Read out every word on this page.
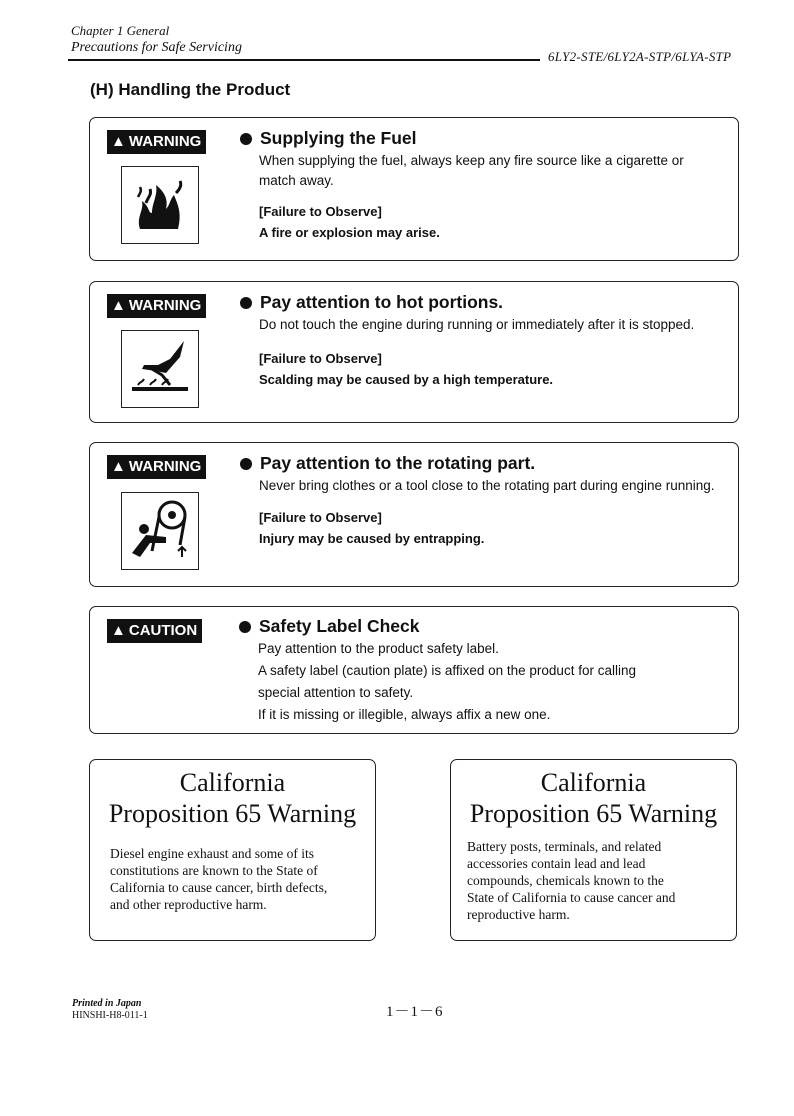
Chapter 1 General
Precautions for Safe Servicing
6LY2-STE/6LY2A-STP/6LYA-STP
(H) Handling the Product
▲ WARNING	Supplying the Fuel
When supplying the fuel, always keep any fire source like a cigarette or match away.
[Failure to Observe]
A fire or explosion may arise.
▲ WARNING	Pay attention to hot portions.
Do not touch the engine during running or immediately after it is stopped.
[Failure to Observe]
Scalding may be caused by a high temperature.
▲ WARNING	Pay attention to the rotating part.
Never bring clothes or a tool close to the rotating part during engine running.
[Failure to Observe]
Injury may be caused by entrapping.
▲ CAUTION	Safety Label Check
Pay attention to the product safety label.
A safety label (caution plate) is affixed on the product for calling
special attention to safety.
If it is missing or illegible, always affix a new one.
California
Proposition 65 Warning
Diesel engine exhaust and some of its
constitutions are known to the State of
California to cause cancer, birth defects,
and other reproductive harm.
California
Proposition 65 Warning
Battery posts, terminals, and related
accessories contain lead and lead
compounds, chemicals known to the
State of California to cause cancer and
reproductive harm.
Printed in Japan
HINSHI-H8-011-1	1－1－6
